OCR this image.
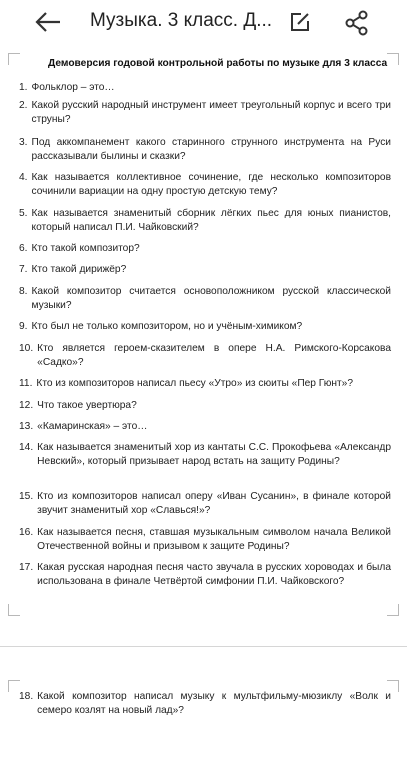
Музыка. 3 класс. Д...
Демоверсия годовой контрольной работы по музыке для 3 класса
1. Фольклор – это…
2. Какой русский народный инструмент имеет треугольный корпус и всего три струны?
3. Под аккомпанемент какого старинного струнного инструмента на Руси рассказывали былины и сказки?
4. Как называется коллективное сочинение, где несколько композиторов сочинили вариации на одну простую детскую тему?
5. Как называется знаменитый сборник лёгких пьес для юных пианистов, который написал П.И. Чайковский?
6. Кто такой композитор?
7. Кто такой дирижёр?
8. Какой композитор считается основоположником русской классической музыки?
9. Кто был не только композитором, но и учёным-химиком?
10. Кто является героем-сказителем в опере Н.А. Римского-Корсакова «Садко»?
11. Кто из композиторов написал пьесу «Утро» из сюиты «Пер Гюнт»?
12. Что такое увертюра?
13. «Камаринская» – это…
14. Как называется знаменитый хор из кантаты С.С. Прокофьева «Александр Невский», который призывает народ встать на защиту Родины?
15. Кто из композиторов написал оперу «Иван Сусанин», в финале которой звучит знаменитый хор «Славься!»?
16. Как называется песня, ставшая музыкальным символом начала Великой Отечественной войны и призывом к защите Родины?
17. Какая русская народная песня часто звучала в русских хороводах и была использована в финале Четвёртой симфонии П.И. Чайковского?
18. Какой композитор написал музыку к мультфильму-мюзиклу «Волк и семеро козлят на новый лад»?
